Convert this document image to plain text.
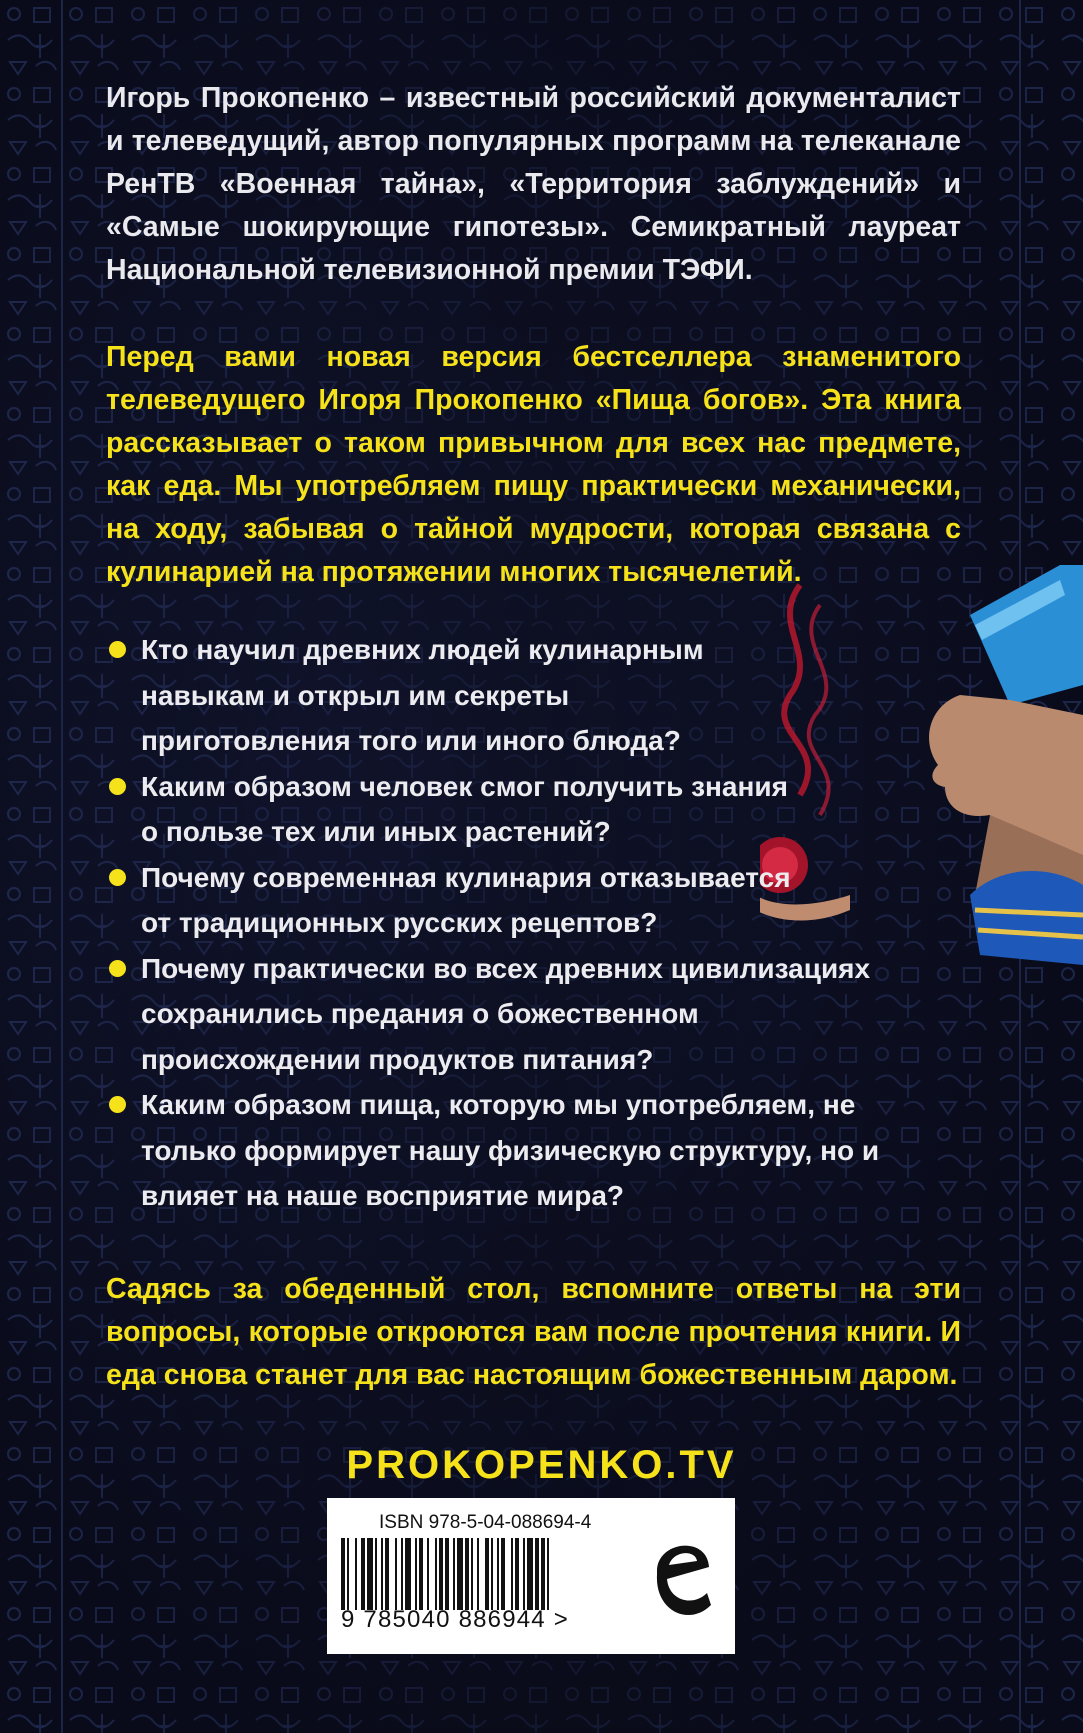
Игорь Прокопенко – известный российский документалист и телеведущий, автор популярных программ на телеканале РенТВ «Военная тайна», «Территория заблуждений» и «Самые шокирующие гипотезы». Семикратный лауреат Национальной телевизионной премии ТЭФИ.
Перед вами новая версия бестселлера знаменитого телеведущего Игоря Прокопенко «Пища богов». Эта книга рассказывает о таком привычном для всех нас предмете, как еда. Мы употребляем пищу практически механически, на ходу, забывая о тайной мудрости, которая связана с кулинарией на протяжении многих тысячелетий.
Кто научил древних людей кулинарным навыкам и открыл им секреты приготовления того или иного блюда?
Каким образом человек смог получить знания о пользе тех или иных растений?
Почему современная кулинария отказывается от традиционных русских рецептов?
Почему практически во всех древних цивилизациях сохранились предания о божественном происхождении продуктов питания?
Каким образом пища, которую мы употребляем, не только формирует нашу физическую структуру, но и влияет на наше восприятие мира?
Садясь за обеденный стол, вспомните ответы на эти вопросы, которые откроются вам после прочтения книги. И еда снова станет для вас настоящим божественным даром.
PROKOPENKO.TV
ISBN 978-5-04-088694-4
9 785040 886944 >
